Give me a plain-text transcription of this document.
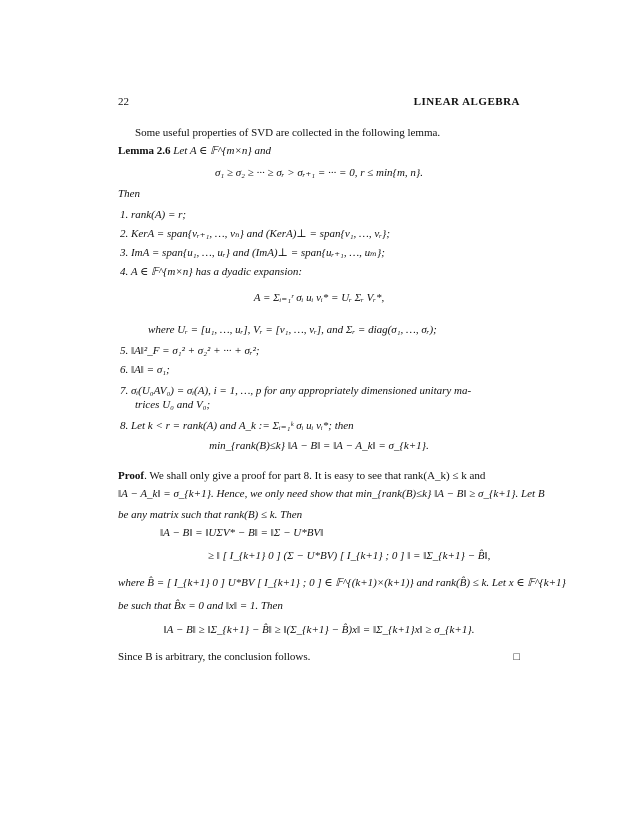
22	LINEAR ALGEBRA
Some useful properties of SVD are collected in the following lemma.
Lemma 2.6 Let A ∈ 𝔽^{m×n} and
σ₁ ≥ σ₂ ≥ ··· ≥ σᵣ > σᵣ₊₁ = ··· = 0, r ≤ min{m, n}.
Then
1. rank(A) = r;
2. KerA = span{vᵣ₊₁, …, vₙ} and (KerA)⊥ = span{v₁, …, vᵣ};
3. ImA = span{u₁, …, uᵣ} and (ImA)⊥ = span{uᵣ₊₁, …, uₘ};
4. A ∈ 𝔽^{m×n} has a dyadic expansion:
A = Σᵢ₌₁ʳ σᵢ uᵢ vᵢ* = Uᵣ Σᵣ Vᵣ*,
where Uᵣ = [u₁, …, uᵣ], Vᵣ = [v₁, …, vᵣ], and Σᵣ = diag(σ₁, …, σᵣ);
5. ‖A‖²_F = σ₁² + σ₂² + ··· + σᵣ²;
6. ‖A‖ = σ₁;
7. σᵢ(U₀AV₀) = σᵢ(A), i = 1, …, p for any appropriately dimensioned unitary ma-
trices U₀ and V₀;
8. Let k < r = rank(A) and A_k := Σᵢ₌₁ᵏ σᵢ uᵢ vᵢ*; then
min_{rank(B)≤k} ‖A − B‖ = ‖A − A_k‖ = σ_{k+1}.
Proof. We shall only give a proof for part 8. It is easy to see that rank(A_k) ≤ k and
‖A − A_k‖ = σ_{k+1}. Hence, we only need show that min_{rank(B)≤k} ‖A − B‖ ≥ σ_{k+1}. Let B
be any matrix such that rank(B) ≤ k. Then
‖A − B‖ = ‖UΣV* − B‖ = ‖Σ − U*BV‖
≥ ‖ [ I_{k+1} 0 ] (Σ − U*BV) [ I_{k+1} ; 0 ] ‖ = ‖Σ_{k+1} − B̂‖,
where B̂ = [ I_{k+1} 0 ] U*BV [ I_{k+1} ; 0 ] ∈ 𝔽^{(k+1)×(k+1)} and rank(B̂) ≤ k. Let x ∈ 𝔽^{k+1}
be such that B̂x = 0 and ‖x‖ = 1. Then
‖A − B‖ ≥ ‖Σ_{k+1} − B̂‖ ≥ ‖(Σ_{k+1} − B̂)x‖ = ‖Σ_{k+1}x‖ ≥ σ_{k+1}.
Since B is arbitrary, the conclusion follows.	□
